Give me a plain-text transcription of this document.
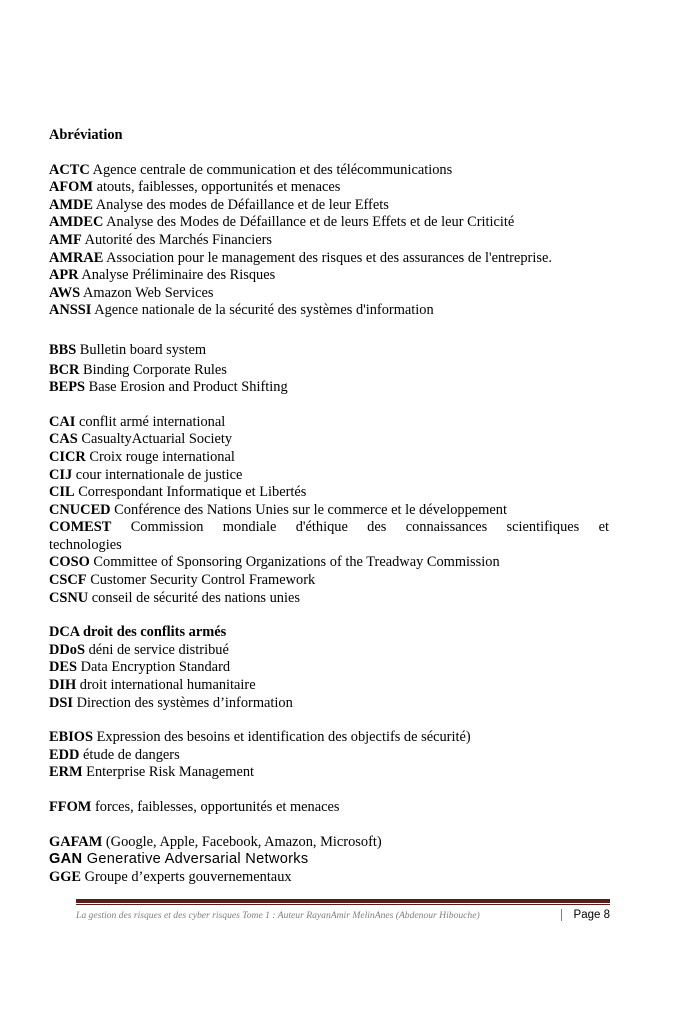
Abréviation

ACTC Agence centrale de communication et des télécommunications

AFOM atouts, faiblesses, opportunités et menaces

AMDE Analyse des modes de Défaillance et de leur Effets

AMDEC Analyse des Modes de Défaillance et de leurs Effets et de leur Criticité

AMF Autorité des Marchés Financiers

AMRAE Association pour le management des risques et des assurances de l'entreprise.

APR Analyse Préliminaire des Risques

AWS Amazon Web Services

ANSSI Agence nationale de la sécurité des systèmes d'information

BBS Bulletin board system

BCR Binding Corporate Rules

BEPS Base Erosion and Product Shifting

CAI conflit armé international

CAS CasualtyActuarial Society

CICR Croix rouge international

CIJ cour internationale de justice

CIL Correspondant Informatique et Libertés

CNUCED Conférence des Nations Unies sur le commerce et le développement

COMEST Commission mondiale d'éthique des connaissances scientifiques et technologies

COSO Committee of Sponsoring Organizations of the Treadway Commission

CSCF Customer Security Control Framework

CSNU conseil de sécurité des nations unies

DCA droit des conflits armés

DDoS déni de service distribué

DES Data Encryption Standard

DIH droit international humanitaire

DSI Direction des systèmes d’information

EBIOS Expression des besoins et identification des objectifs de sécurité)

EDD étude de dangers

ERM Enterprise Risk Management

FFOM forces, faiblesses, opportunités et menaces

GAFAM (Google, Apple, Facebook, Amazon, Microsoft)

GAN Generative Adversarial Networks

GGE Groupe d’experts gouvernementaux

La gestion des risques et des cyber risques Tome 1 : Auteur RayanAmir MelinAnes (Abdenour Hibouche)	Page 8
